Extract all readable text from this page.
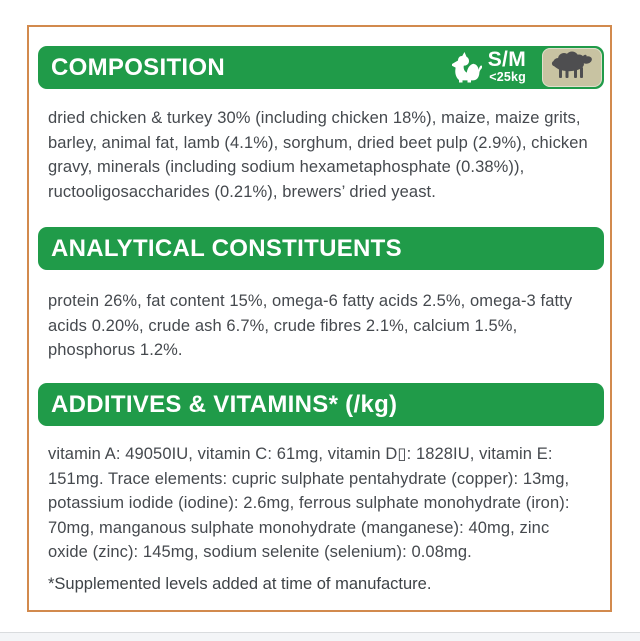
COMPOSITION	S/M
<25kg
dried chicken & turkey 30% (including chicken 18%), maize, maize grits,
barley, animal fat, lamb (4.1%), sorghum, dried beet pulp (2.9%), chicken
gravy, minerals (including sodium hexametaphosphate (0.38%)),
ructooligosaccharides (0.21%), brewers’ dried yeast.
ANALYTICAL CONSTITUENTS
protein 26%, fat content 15%, omega-6 fatty acids 2.5%, omega-3 fatty
acids 0.20%, crude ash 6.7%, crude fibres 2.1%, calcium 1.5%,
phosphorus 1.2%.
ADDITIVES & VITAMINS* (/kg)
vitamin A: 49050IU, vitamin C: 61mg, vitamin D▯: 1828IU, vitamin E:
151mg. Trace elements: cupric sulphate pentahydrate (copper): 13mg,
potassium iodide (iodine): 2.6mg, ferrous sulphate monohydrate (iron):
70mg, manganous sulphate monohydrate (manganese): 40mg, zinc
oxide (zinc): 145mg, sodium selenite (selenium): 0.08mg.
*Supplemented levels added at time of manufacture.
